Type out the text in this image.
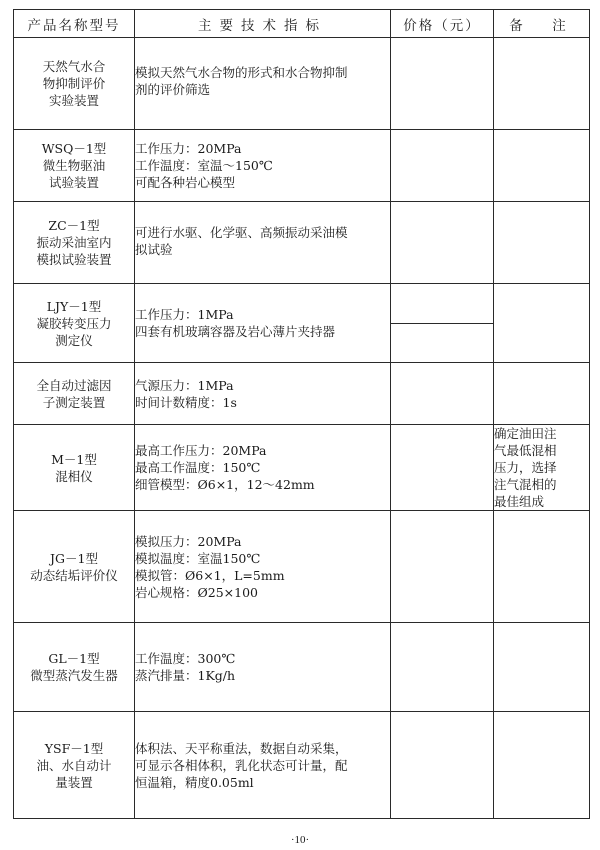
产品名称型号	主要技术指标	价格（元）	备　注

天然气水合
物抑制评价
实验装置	模拟天然气水合物的形式和水合物抑制
剂的评价筛选		

WSQ－1型
微生物驱油
试验装置	工作压力：20MPa
工作温度：室温～150℃
可配各种岩心模型		

ZC－1型
振动采油室内
模拟试验装置	可进行水驱、化学驱、高频振动采油模
拟试验		

LJY－1型
凝胶转变压力
测定仪	工作压力：1MPa
四套有机玻璃容器及岩心薄片夹持器		

全自动过滤因
子测定装置	气源压力：1MPa
时间计数精度：1s		

M－1型
混相仪	最高工作压力：20MPa
最高工作温度：150℃
细管模型：Ø6×1，12～42mm		确定油田注
气最低混相
压力，选择
注气混相的
最佳组成

JG－1型
动态结垢评价仪	模拟压力：20MPa
模拟温度：室温150℃
模拟管：Ø6×1，L=5mm
岩心规格：Ø25×100		

GL－1型
微型蒸汽发生器	工作温度：300℃
蒸汽排量：1Kg/h		

YSF－1型
油、水自动计
量装置	体积法、天平称重法，数据自动采集，
可显示各相体积，乳化状态可计量，配
恒温箱，精度0.05ml		

·10·
